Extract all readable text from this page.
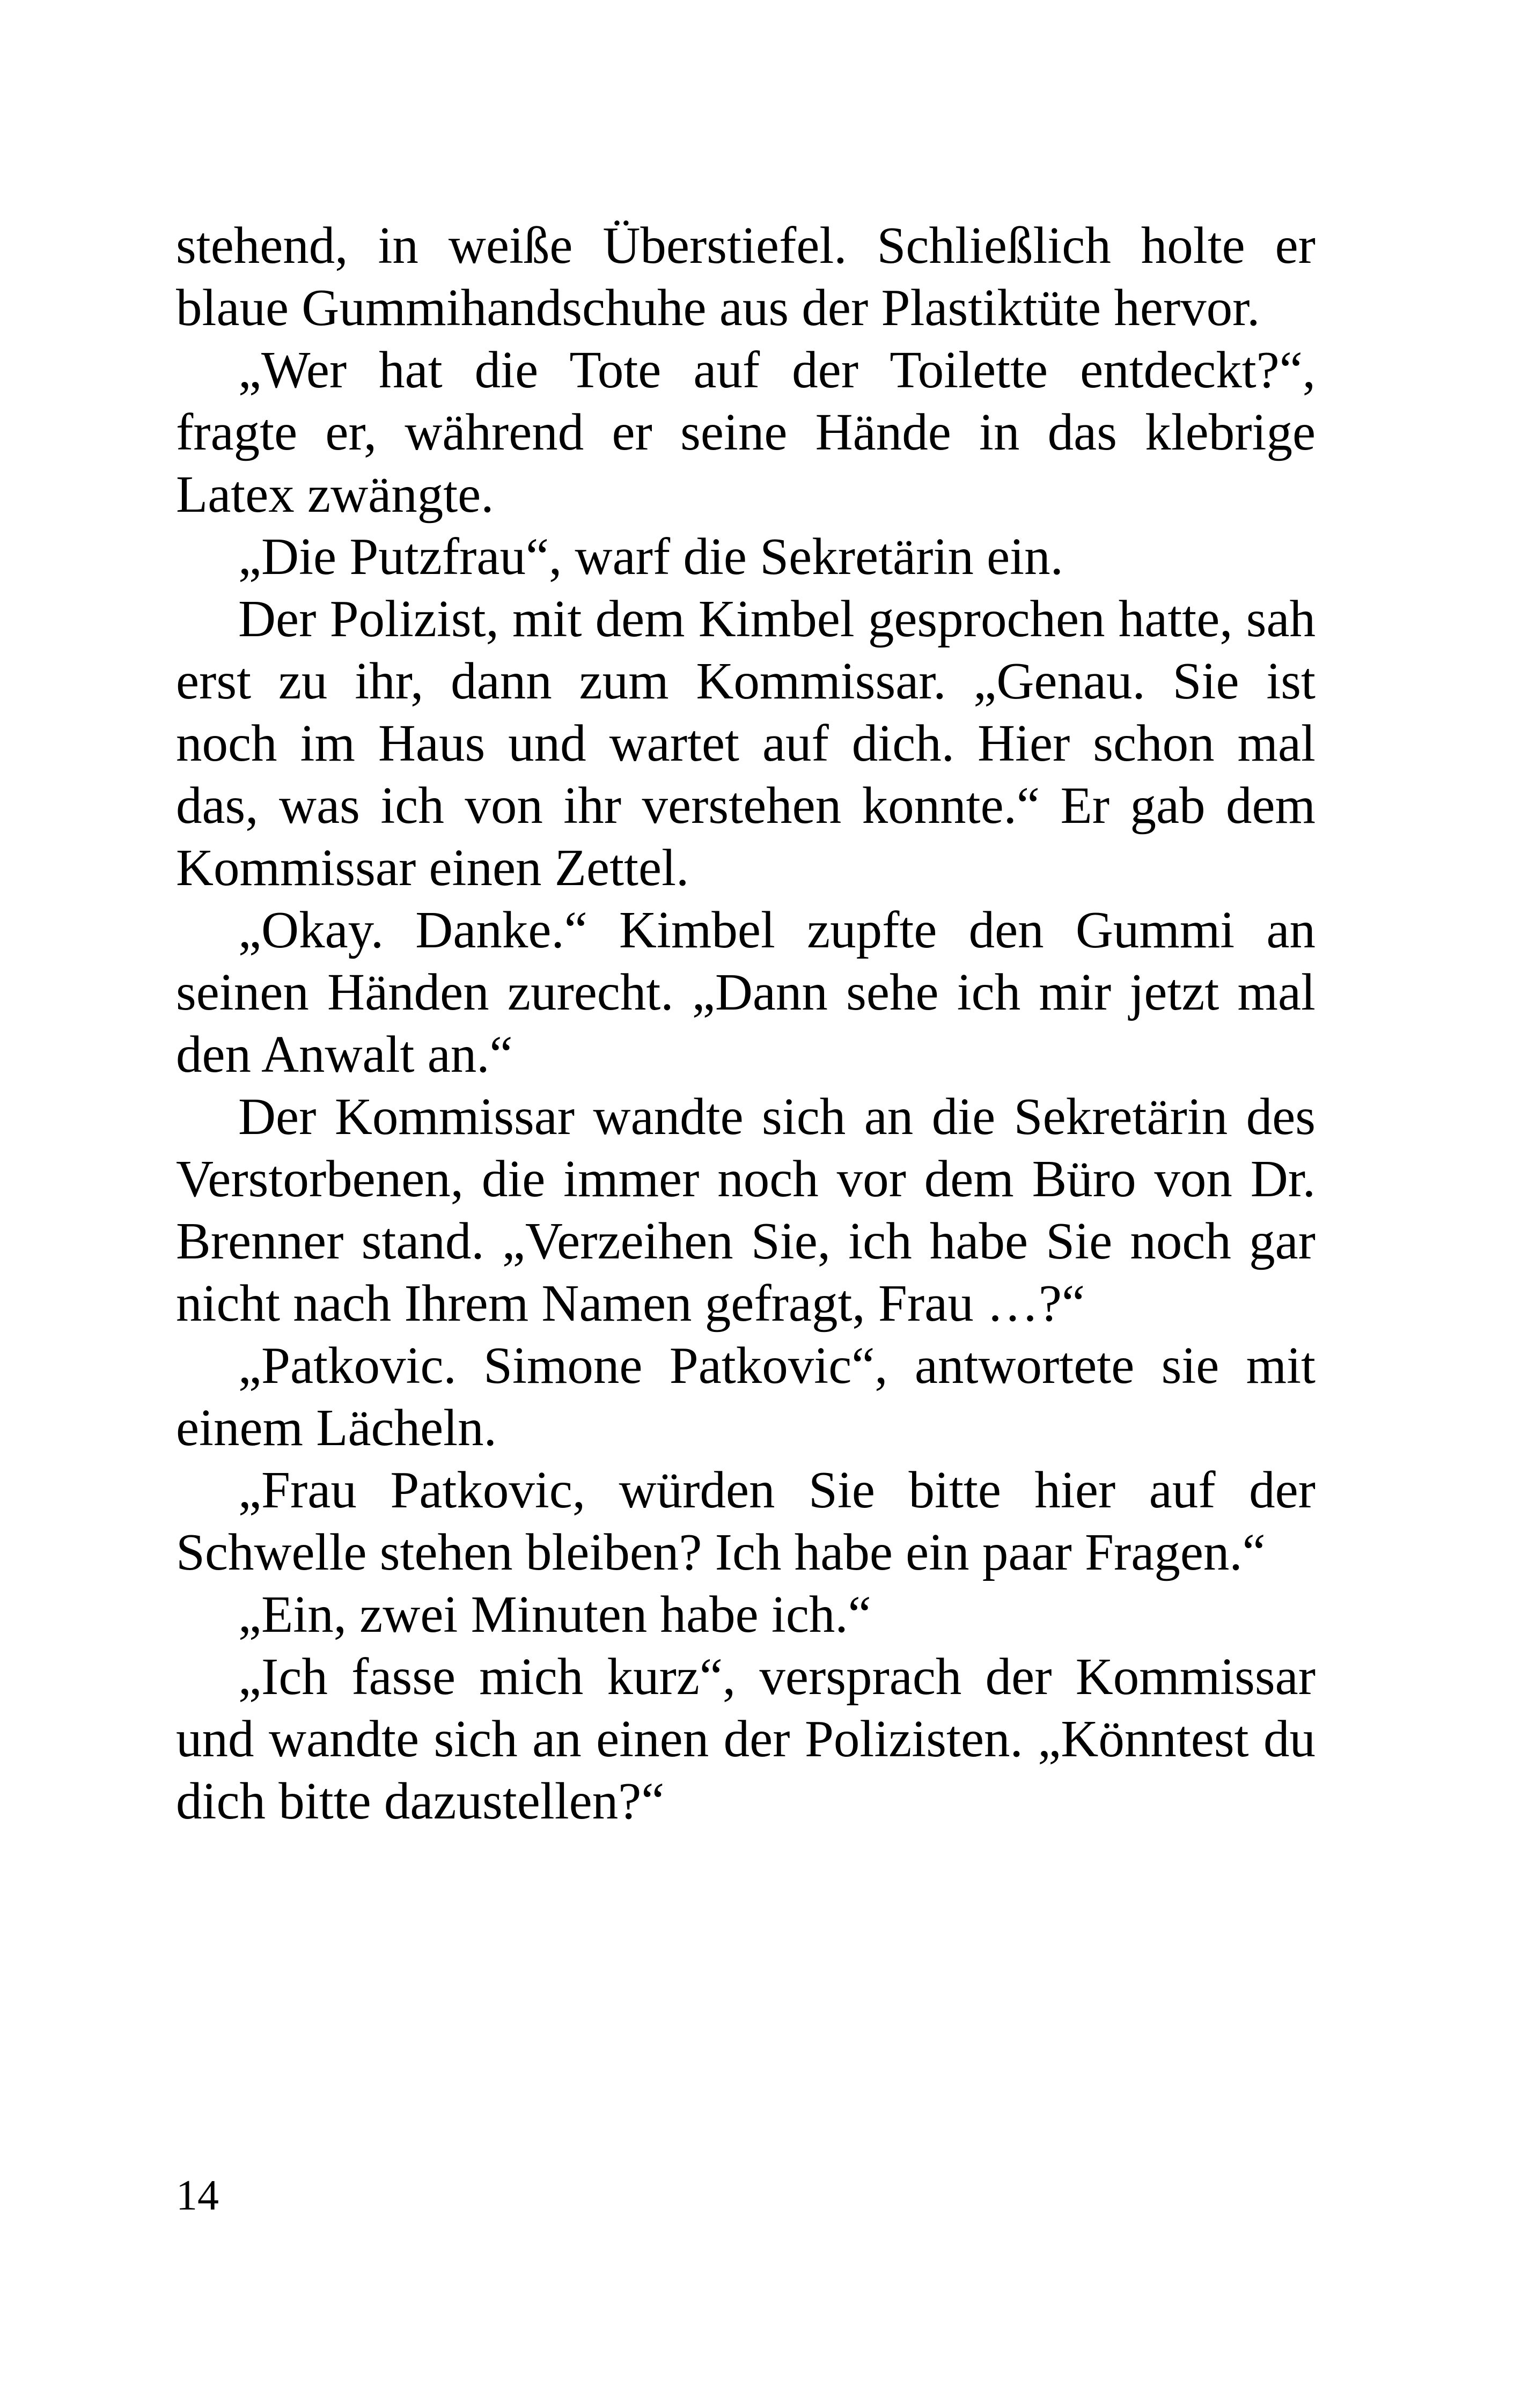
stehend, in weiße Überstiefel. Schließlich holte er blaue Gummihandschuhe aus der Plastiktüte hervor.

„Wer hat die Tote auf der Toilette entdeckt?“, fragte er, während er seine Hände in das klebrige Latex zwängte.

„Die Putzfrau“, warf die Sekretärin ein.

Der Polizist, mit dem Kimbel gesprochen hatte, sah erst zu ihr, dann zum Kommissar. „Genau. Sie ist noch im Haus und wartet auf dich. Hier schon mal das, was ich von ihr verstehen konnte.“ Er gab dem Kommissar einen Zettel.

„Okay. Danke.“ Kimbel zupfte den Gummi an seinen Händen zurecht. „Dann sehe ich mir jetzt mal den Anwalt an.“

Der Kommissar wandte sich an die Sekretärin des Verstorbenen, die immer noch vor dem Büro von Dr. Brenner stand. „Verzeihen Sie, ich habe Sie noch gar nicht nach Ihrem Namen gefragt, Frau …?“

„Patkovic. Simone Patkovic“, antwortete sie mit einem Lächeln.

„Frau Patkovic, würden Sie bitte hier auf der Schwelle stehen bleiben? Ich habe ein paar Fragen.“

„Ein, zwei Minuten habe ich.“

„Ich fasse mich kurz“, versprach der Kommissar und wandte sich an einen der Polizisten. „Könntest du dich bitte dazustellen?“

14
